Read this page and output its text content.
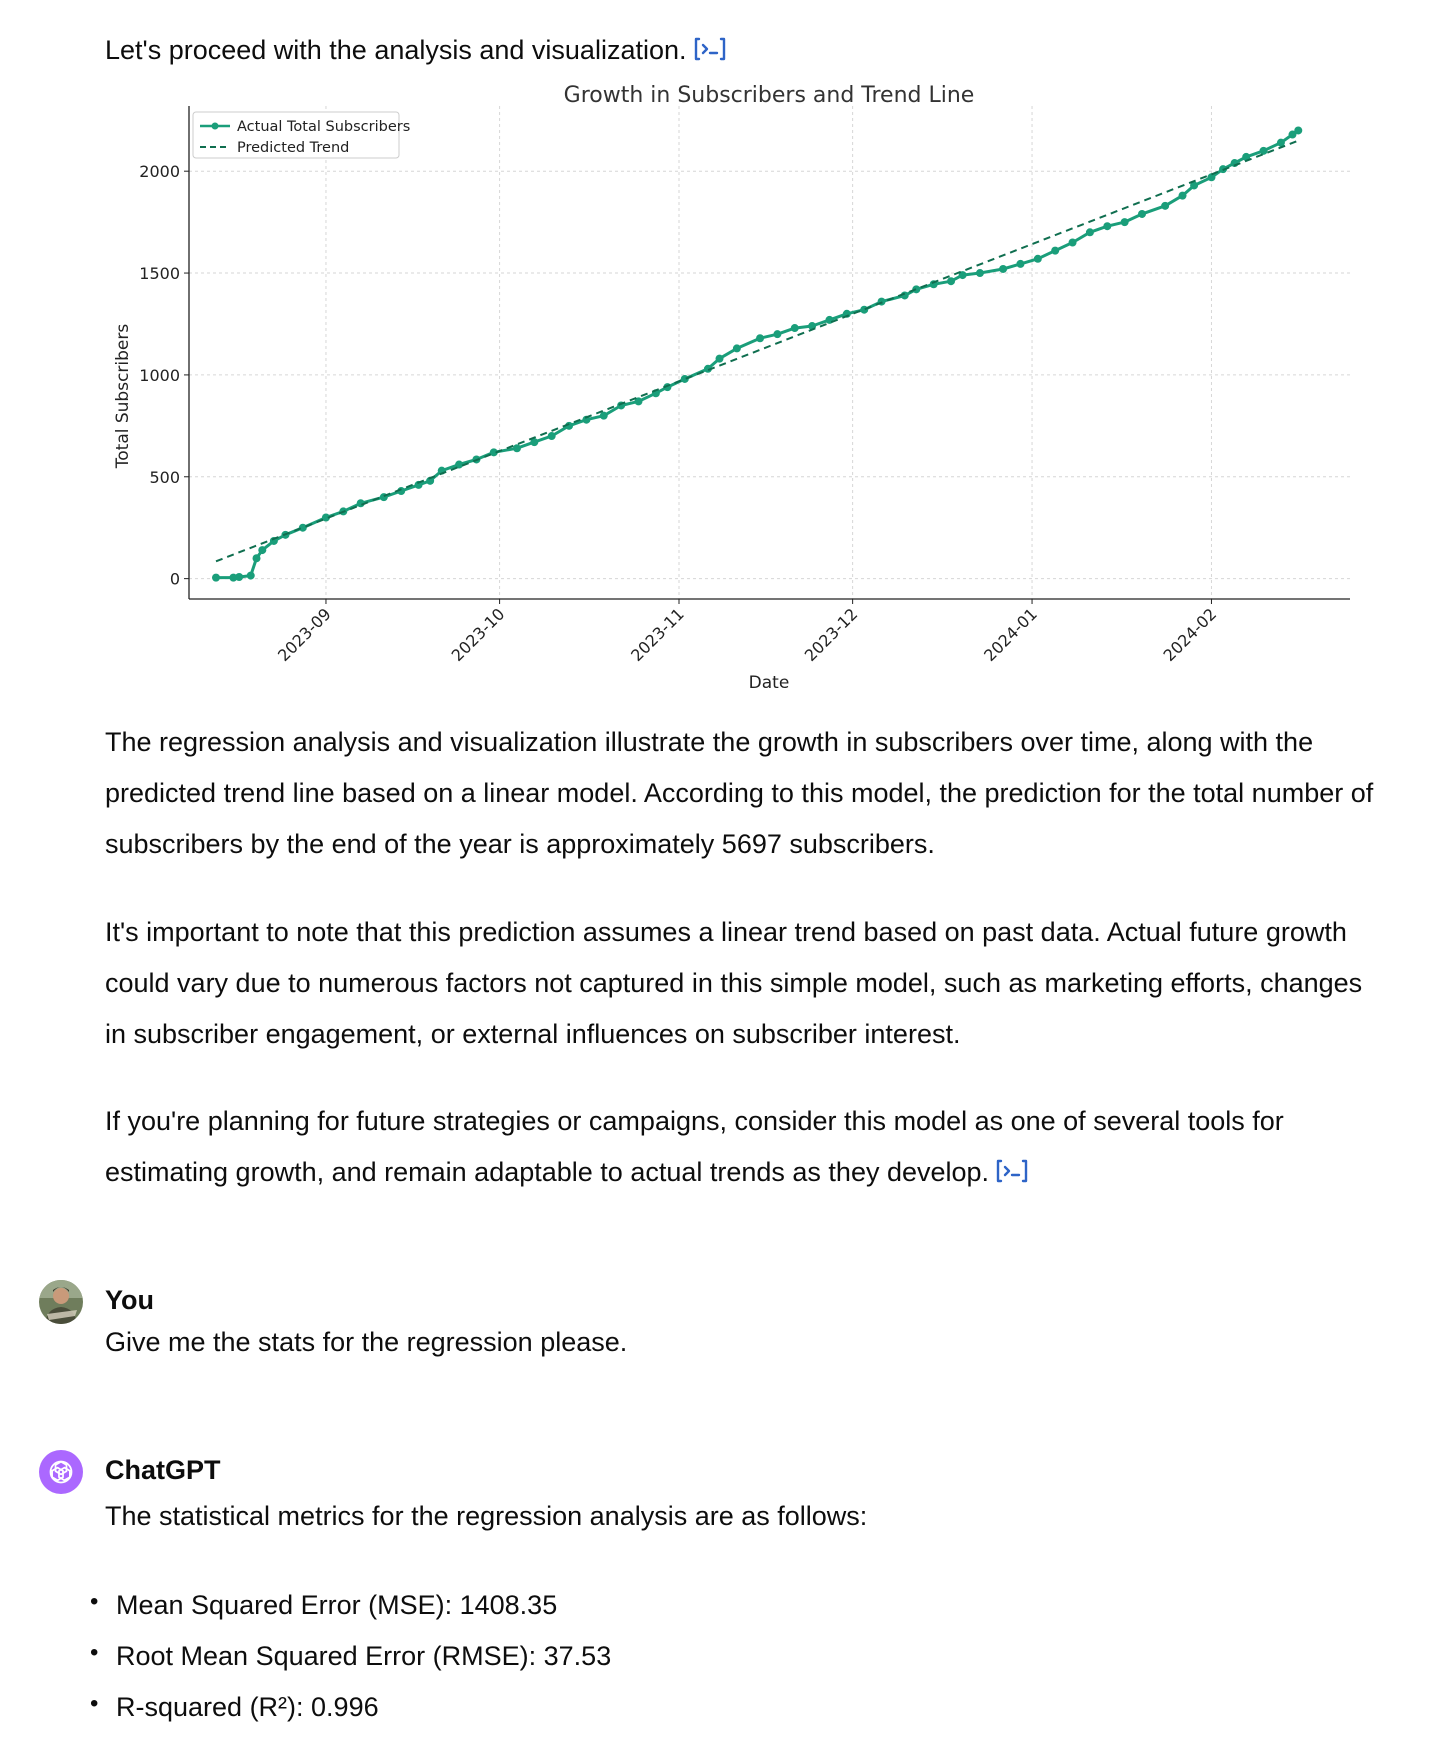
Let's proceed with the analysis and visualization.
0
500
1000
1500
2000
2023-09	2023-10	2023-11	2023-12	2024-01	2024-02
Growth in Subscribers and Trend Line
Date
Total Subscribers
Actual Total Subscribers
Predicted Trend
The regression analysis and visualization illustrate the growth in subscribers over time, along with the predicted trend line based on a linear model. According to this model, the prediction for the total number of subscribers by the end of the year is approximately 5697 subscribers.
It's important to note that this prediction assumes a linear trend based on past data. Actual future growth could vary due to numerous factors not captured in this simple model, such as marketing efforts, changes in subscriber engagement, or external influences on subscriber interest.
If you're planning for future strategies or campaigns, consider this model as one of several tools for estimating growth, and remain adaptable to actual trends as they develop.
You
Give me the stats for the regression please.
ChatGPT
The statistical metrics for the regression analysis are as follows:
• Mean Squared Error (MSE): 1408.35
• Root Mean Squared Error (RMSE): 37.53
• R-squared (R²): 0.996
